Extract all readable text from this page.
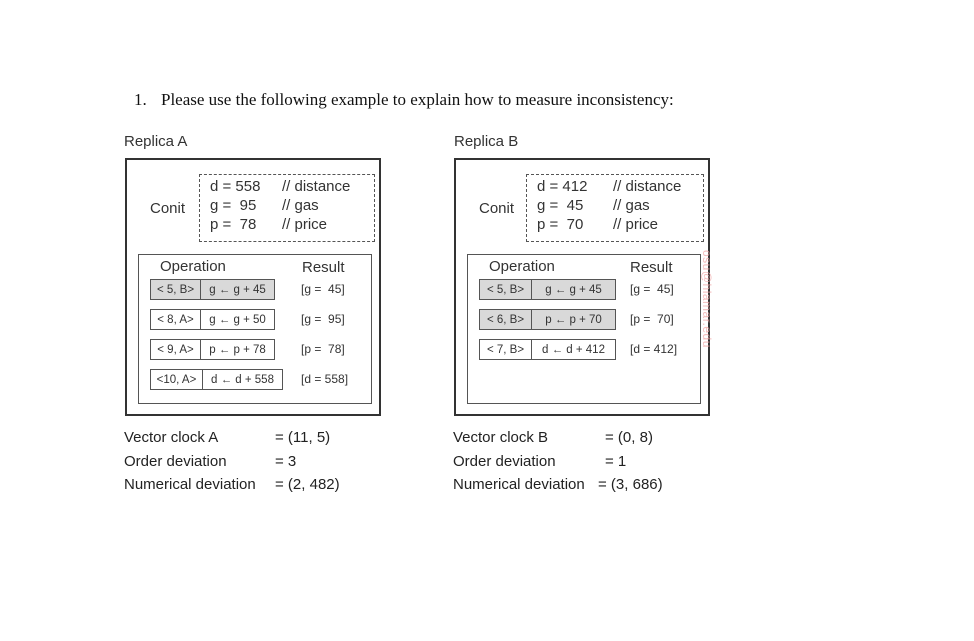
1. Please use the following example to explain how to measure inconsistency:
Replica A
Conit
d = 558	// distance
g =  95	// gas
p =  78	// price
Operation	Result
< 5, B>	g ← g + 45	[g =  45]
< 8, A>	g ← g + 50	[g =  95]
< 9, A>	p ← p + 78	[p =  78]
<10, A>	d ← d + 558	[d = 558]
Vector clock A	= (11, 5)
Order deviation	= 3
Numerical deviation	= (2, 482)
Replica B
Conit
d = 412	// distance
g =  45	// gas
p =  70	// price
Operation	Result
< 5, B>	g ← g + 45	[g =  45]
< 6, B>	p ← p + 70	[p =  70]
< 7, B>	d ← d + 412	[d = 412]
Vector clock B	= (0, 8)
Order deviation	= 1
Numerical deviation = (3, 686)
osu@hlamar.edu
